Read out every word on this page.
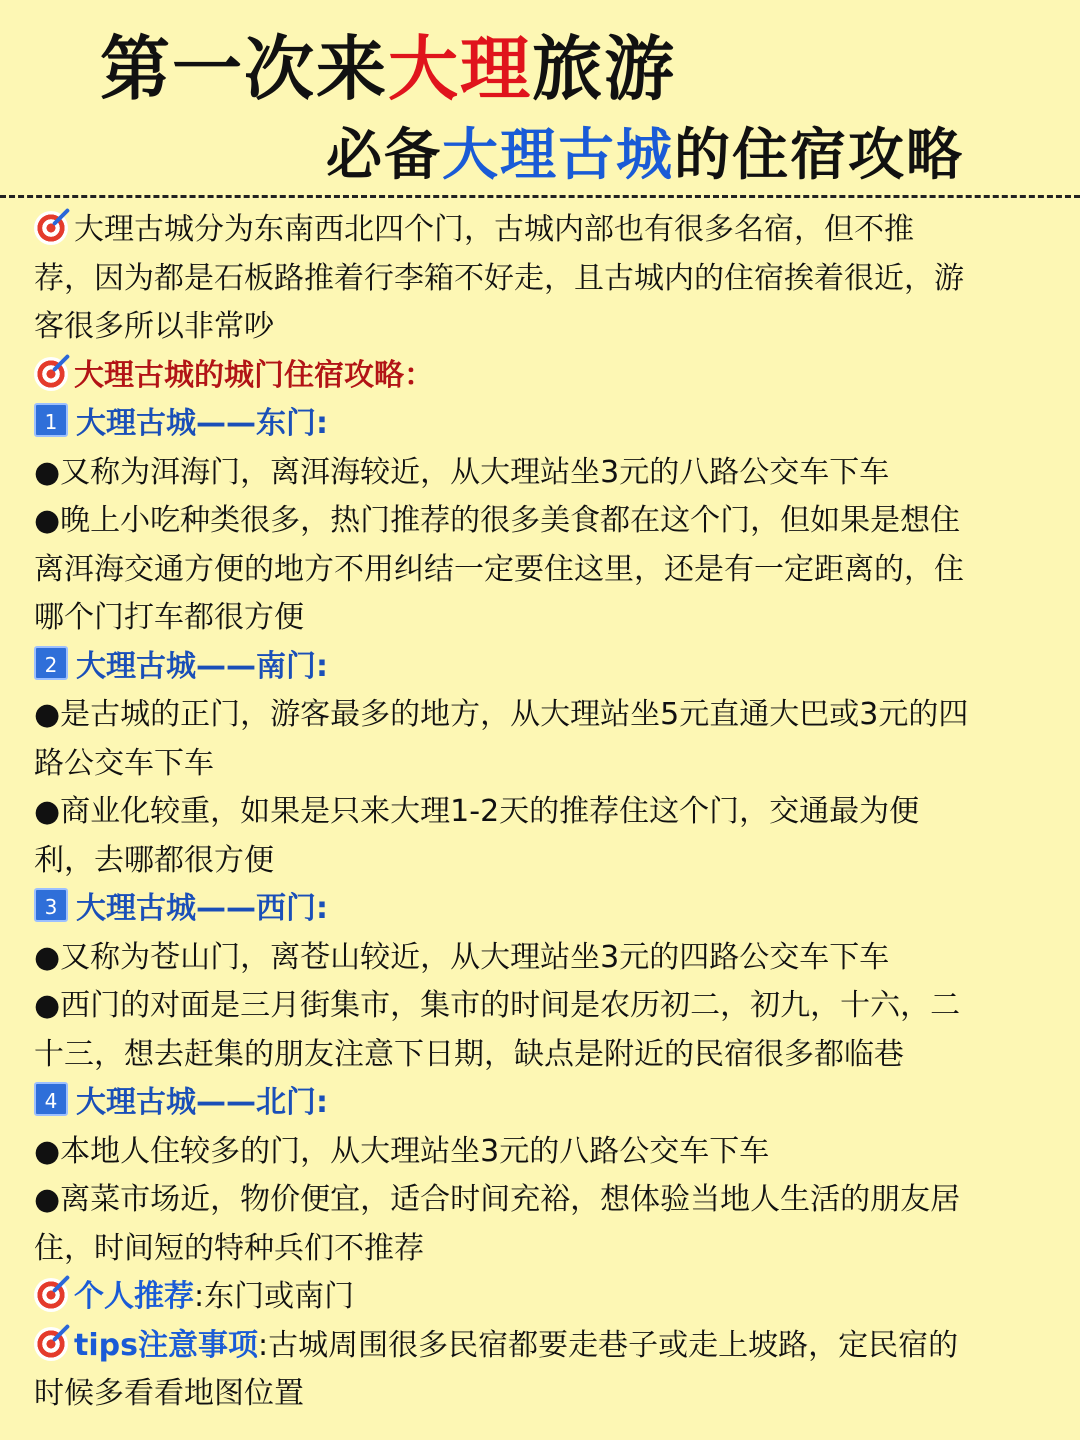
第一次来大理旅游
必备大理古城的住宿攻略
大理古城分为东南西北四个门，古城内部也有很多名宿，但不推
荐，因为都是石板路推着行李箱不好走，且古城内的住宿挨着很近，游
客很多所以非常吵
大理古城的城门住宿攻略：
1 大理古城——东门:
●又称为洱海门，离洱海较近，从大理站坐3元的八路公交车下车
●晚上小吃种类很多，热门推荐的很多美食都在这个门，但如果是想住
离洱海交通方便的地方不用纠结一定要住这里，还是有一定距离的，住
哪个门打车都很方便
2 大理古城——南门:
●是古城的正门，游客最多的地方，从大理站坐5元直通大巴或3元的四
路公交车下车
●商业化较重，如果是只来大理1-2天的推荐住这个门，交通最为便
利，去哪都很方便
3 大理古城——西门:
●又称为苍山门，离苍山较近，从大理站坐3元的四路公交车下车
●西门的对面是三月街集市，集市的时间是农历初二，初九，十六，二
十三，想去赶集的朋友注意下日期，缺点是附近的民宿很多都临巷
4 大理古城——北门:
●本地人住较多的门，从大理站坐3元的八路公交车下车
●离菜市场近，物价便宜，适合时间充裕，想体验当地人生活的朋友居
住，时间短的特种兵们不推荐
个人推荐:东门或南门
tips注意事项:古城周围很多民宿都要走巷子或走上坡路，定民宿的
时候多看看地图位置
